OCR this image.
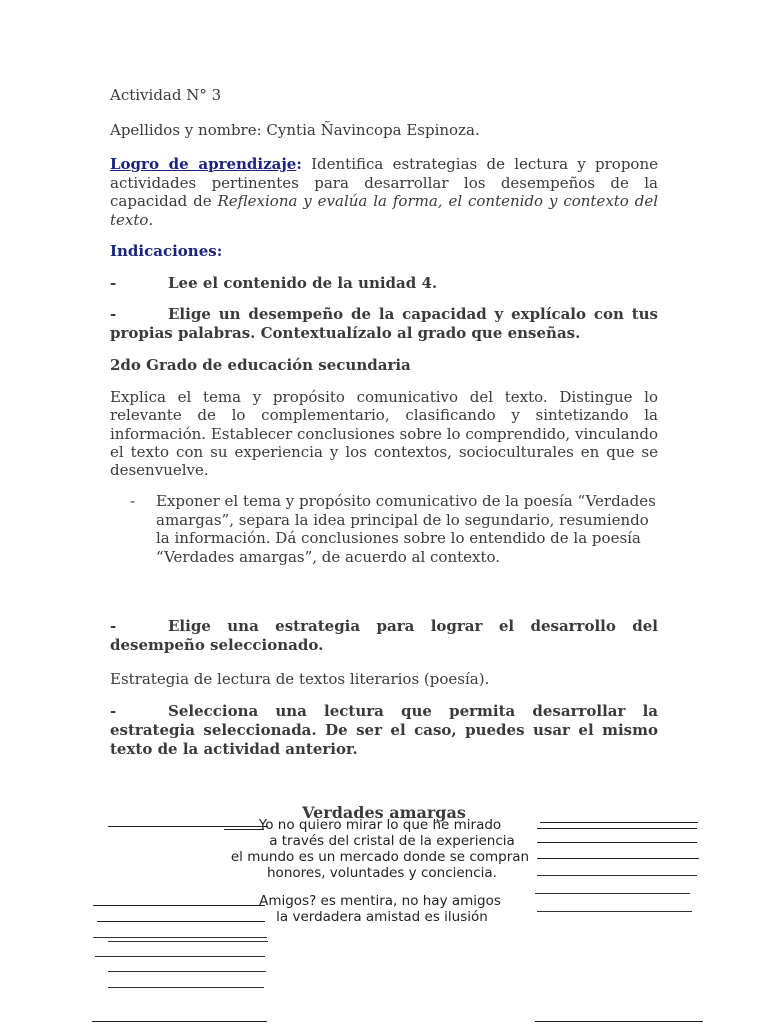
Actividad N° 3

Apellidos y nombre: Cyntia Ñavincopa Espinoza.

Logro de aprendizaje: Identifica estrategias de lectura y propone actividades pertinentes para desarrollar los desempeños de la capacidad de Reflexiona y evalúa la forma, el contenido y contexto del texto.

Indicaciones:

-	Lee el contenido de la unidad 4.

-	Elige un desempeño de la capacidad y explícalo con tus propias palabras. Contextualízalo al grado que enseñas.

2do Grado de educación secundaria

Explica el tema y propósito comunicativo del texto. Distingue lo relevante de lo complementario, clasificando y sintetizando la información. Establecer conclusiones sobre lo comprendido, vinculando el texto con su experiencia y los contextos, socioculturales en que se desenvuelve.

-	Exponer el tema y propósito comunicativo de la poesía “Verdades amargas”, separa la idea principal de lo segundario, resumiendo la información. Dá conclusiones sobre lo entendido de la poesía “Verdades amargas”, de acuerdo al contexto.

-	Elige una estrategia para lograr el desarrollo del desempeño seleccionado.

Estrategia de lectura de textos literarios (poesía).

-	Selecciona una lectura que permita desarrollar la estrategia seleccionada. De ser el caso, puedes usar el mismo texto de la actividad anterior.

Verdades amargas

Yo no quiero mirar lo que he mirado

a través del cristal de la experiencia

el mundo es un mercado donde se compran

honores, voluntades y conciencia.

Amigos? es mentira, no hay amigos

la verdadera amistad es ilusión
